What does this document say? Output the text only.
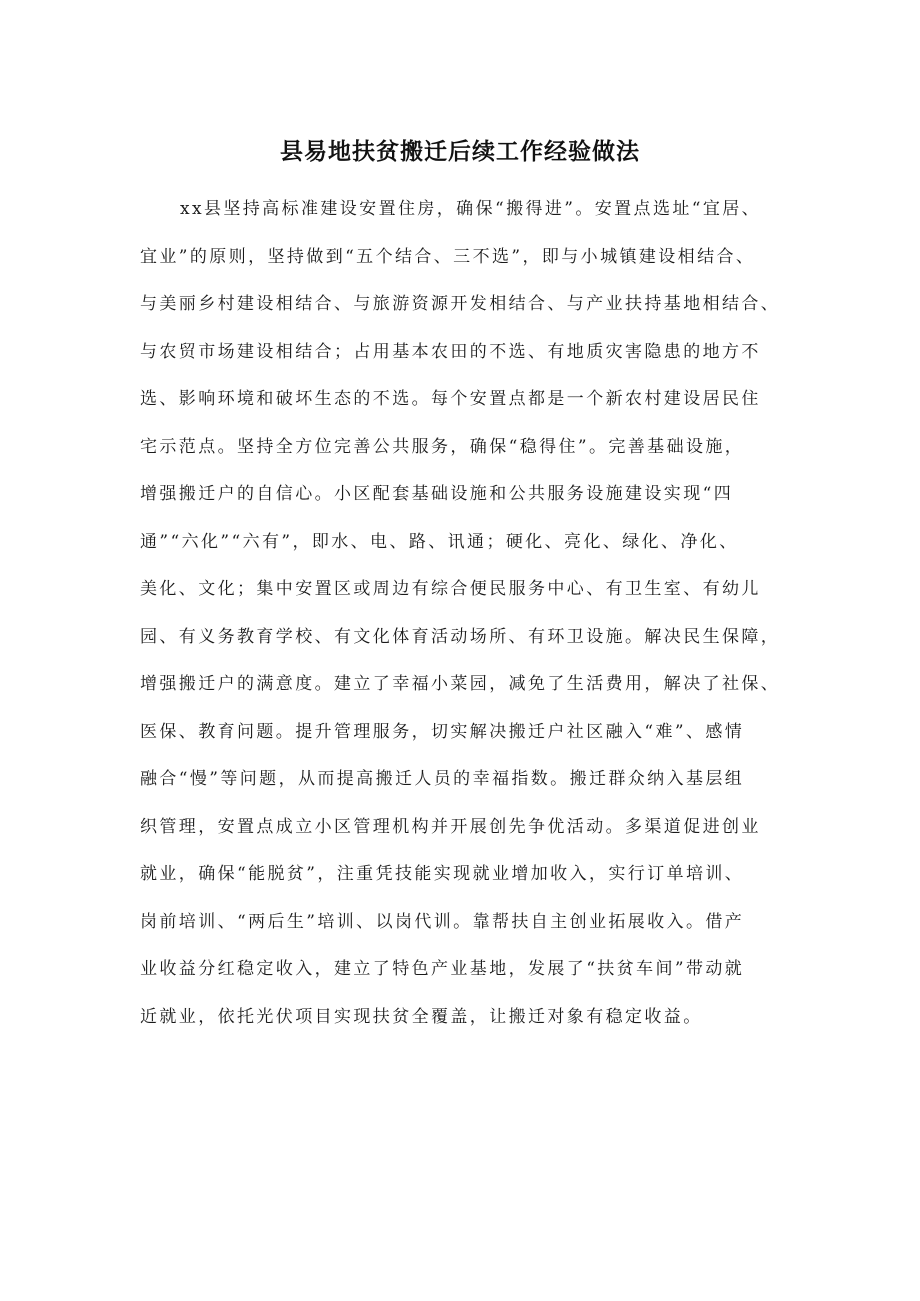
县易地扶贫搬迁后续工作经验做法
xx县坚持高标准建设安置住房，确保“搬得进”。安置点选址“宜居、
宜业”的原则，坚持做到“五个结合、三不选”，即与小城镇建设相结合、
与美丽乡村建设相结合、与旅游资源开发相结合、与产业扶持基地相结合、
与农贸市场建设相结合；占用基本农田的不选、有地质灾害隐患的地方不
选、影响环境和破坏生态的不选。每个安置点都是一个新农村建设居民住
宅示范点。坚持全方位完善公共服务，确保“稳得住”。完善基础设施，
增强搬迁户的自信心。小区配套基础设施和公共服务设施建设实现“四
通”“六化”“六有”，即水、电、路、讯通；硬化、亮化、绿化、净化、
美化、文化；集中安置区或周边有综合便民服务中心、有卫生室、有幼儿
园、有义务教育学校、有文化体育活动场所、有环卫设施。解决民生保障，
增强搬迁户的满意度。建立了幸福小菜园，减免了生活费用，解决了社保、
医保、教育问题。提升管理服务，切实解决搬迁户社区融入“难”、感情
融合“慢”等问题，从而提高搬迁人员的幸福指数。搬迁群众纳入基层组
织管理，安置点成立小区管理机构并开展创先争优活动。多渠道促进创业
就业，确保“能脱贫”，注重凭技能实现就业增加收入，实行订单培训、
岗前培训、“两后生”培训、以岗代训。靠帮扶自主创业拓展收入。借产
业收益分红稳定收入，建立了特色产业基地，发展了“扶贫车间”带动就
近就业，依托光伏项目实现扶贫全覆盖，让搬迁对象有稳定收益。
